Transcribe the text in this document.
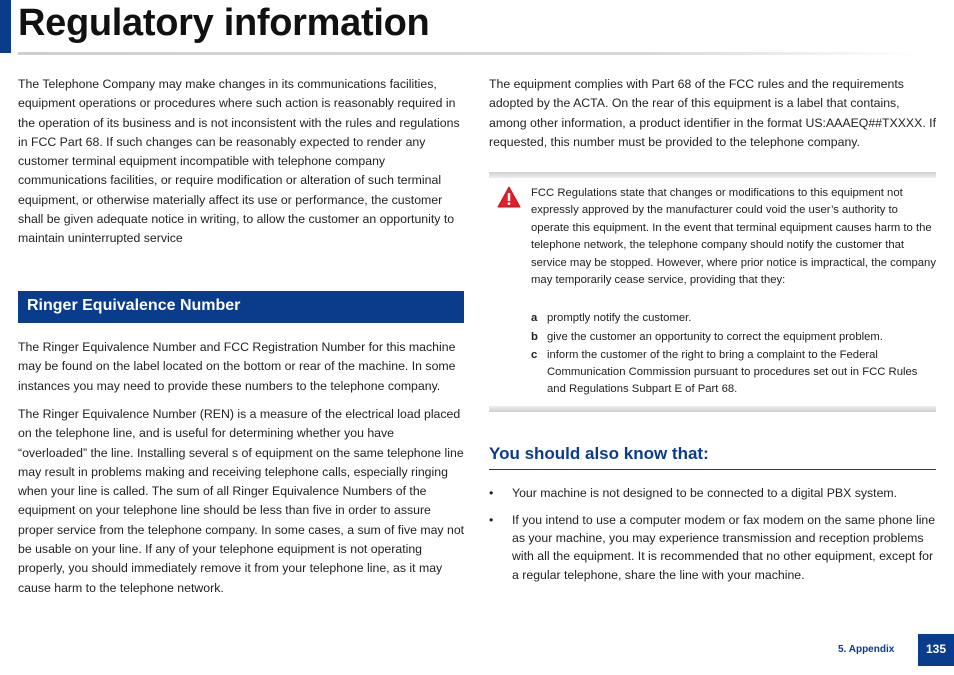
Regulatory information

The Telephone Company may make changes in its communications facilities, equipment operations or procedures where such action is reasonably required in the operation of its business and is not inconsistent with the rules and regulations in FCC Part 68. If such changes can be reasonably expected to render any customer terminal equipment incompatible with telephone company communications facilities, or require modification or alteration of such terminal equipment, or otherwise materially affect its use or performance, the customer shall be given adequate notice in writing, to allow the customer an opportunity to maintain uninterrupted service

Ringer Equivalence Number

The Ringer Equivalence Number and FCC Registration Number for this machine may be found on the label located on the bottom or rear of the machine. In some instances you may need to provide these numbers to the telephone company.

The Ringer Equivalence Number (REN) is a measure of the electrical load placed on the telephone line, and is useful for determining whether you have “overloaded” the line. Installing several s of equipment on the same telephone line may result in problems making and receiving telephone calls, especially ringing when your line is called. The sum of all Ringer Equivalence Numbers of the equipment on your telephone line should be less than five in order to assure proper service from the telephone company. In some cases, a sum of five may not be usable on your line. If any of your telephone equipment is not operating properly, you should immediately remove it from your telephone line, as it may cause harm to the telephone network.

The equipment complies with Part 68 of the FCC rules and the requirements adopted by the ACTA. On the rear of this equipment is a label that contains, among other information, a product identifier in the format US:AAAEQ##TXXXX. If requested, this number must be provided to the telephone company.

FCC Regulations state that changes or modifications to this equipment not expressly approved by the manufacturer could void the user’s authority to operate this equipment. In the event that terminal equipment causes harm to the telephone network, the telephone company should notify the customer that service may be stopped. However, where prior notice is impractical, the company may temporarily cease service, providing that they:
a promptly notify the customer.
b give the customer an opportunity to correct the equipment problem.
c inform the customer of the right to bring a complaint to the Federal Communication Commission pursuant to procedures set out in FCC Rules and Regulations Subpart E of Part 68.
You should also know that:
• Your machine is not designed to be connected to a digital PBX system.
• If you intend to use a computer modem or fax modem on the same phone line as your machine, you may experience transmission and reception problems with all the equipment. It is recommended that no other equipment, except for a regular telephone, share the line with your machine.
5. Appendix	135
